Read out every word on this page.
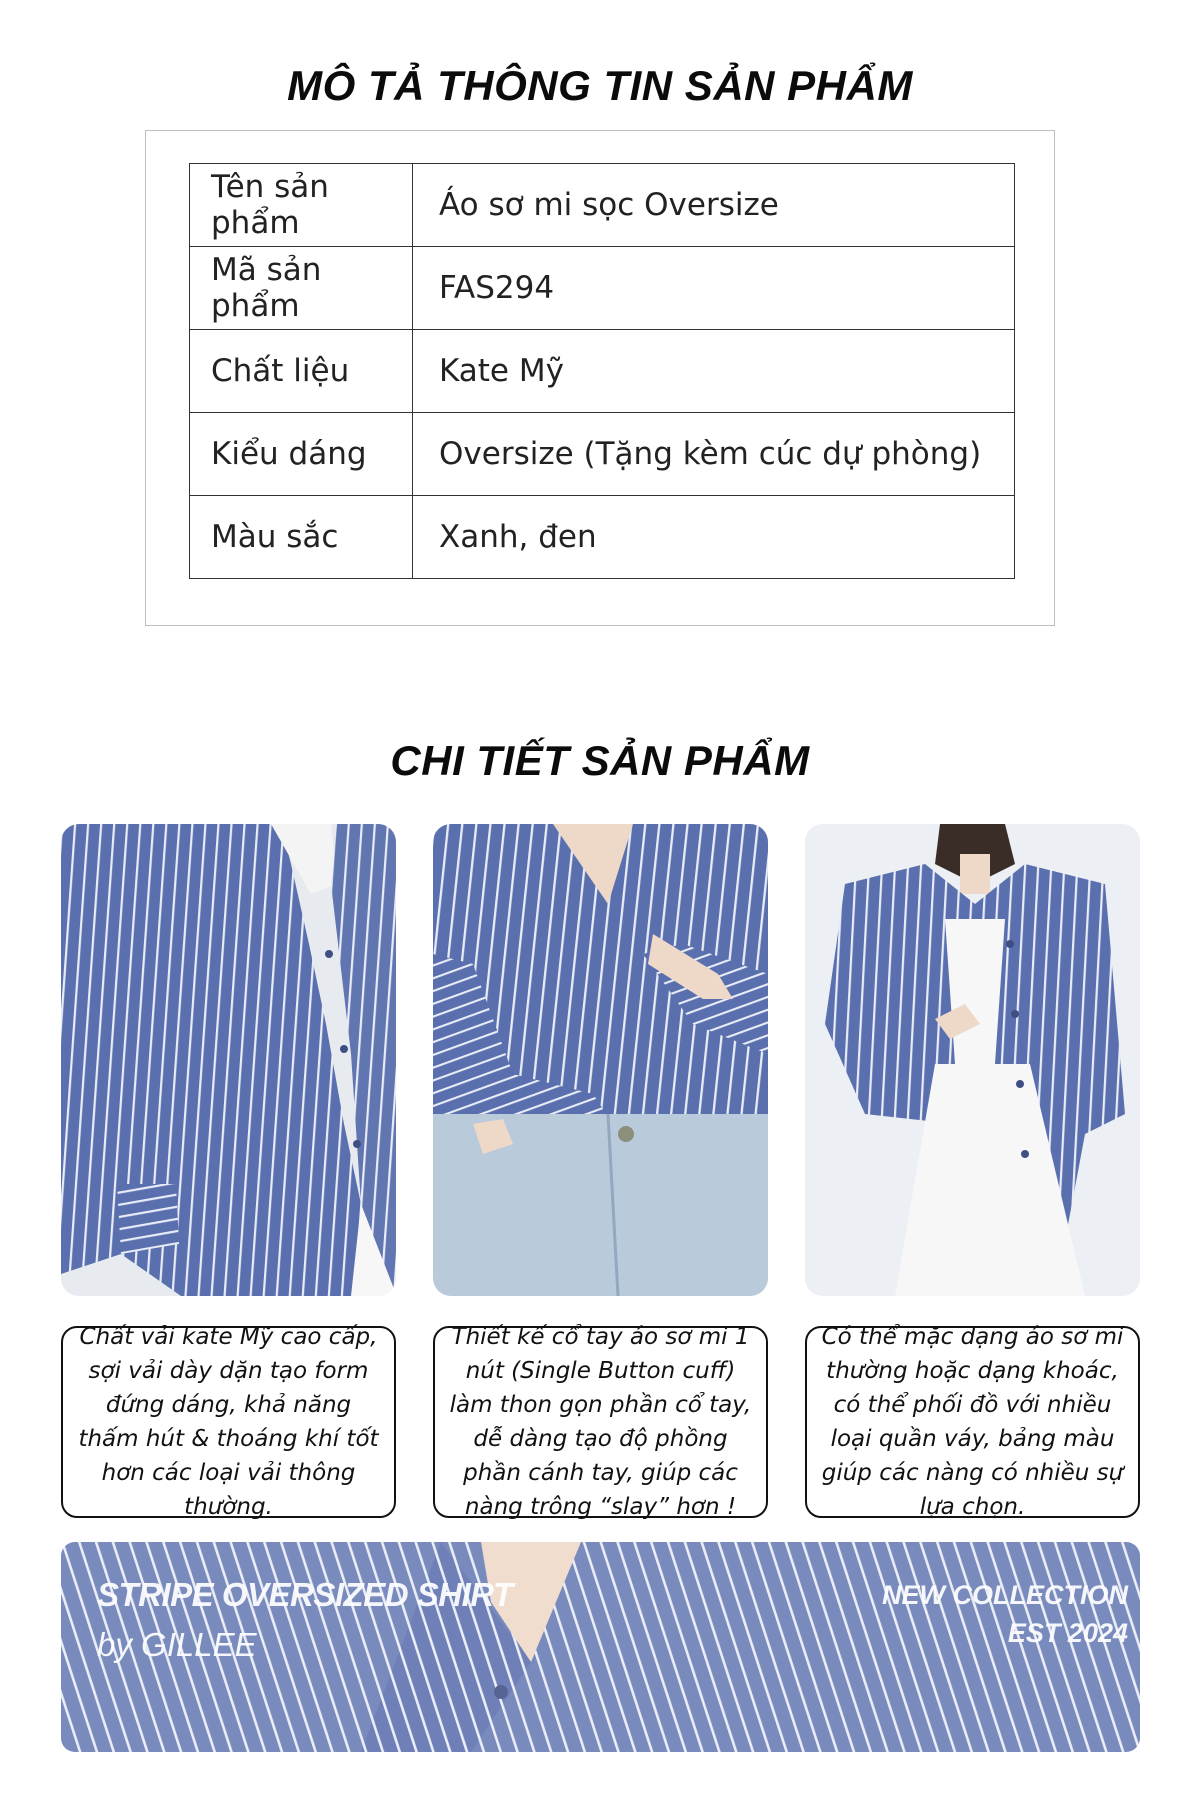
MÔ TẢ THÔNG TIN SẢN PHẨM
Tên sản phẩm	Áo sơ mi sọc Oversize
Mã sản phẩm	FAS294
Chất liệu	Kate Mỹ
Kiểu dáng	Oversize (Tặng kèm cúc dự phòng)
Màu sắc	Xanh, đen
CHI TIẾT SẢN PHẨM
Chất vải kate Mỹ cao cấp, sợi vải dày dặn tạo form đứng dáng, khả năng thấm hút & thoáng khí tốt hơn các loại vải thông thường.
Thiết kế cổ tay áo sơ mi 1 nút (Single Button cuff) làm thon gọn phần cổ tay, dễ dàng tạo độ phồng phần cánh tay, giúp các nàng trông “slay” hơn !
Có thể mặc dạng áo sơ mi thường hoặc dạng khoác, có thể phối đồ với nhiều loại quần váy, bảng màu giúp các nàng có nhiều sự lựa chọn.
STRIPE OVERSIZED SHIRT
by GILLEE
NEW COLLECTION
EST 2024
